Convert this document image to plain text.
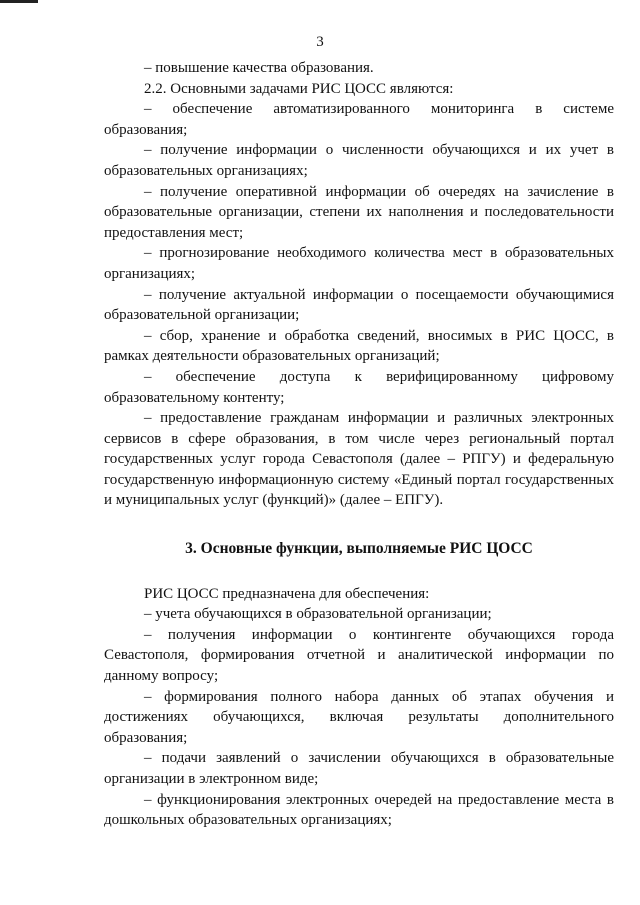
3

– повышение качества образования.

2.2. Основными задачами РИС ЦОСС являются:

– обеспечение автоматизированного мониторинга в системе образования;

– получение информации о численности обучающихся и их учет в образовательных организациях;

– получение оперативной информации об очередях на зачисление в образовательные организации, степени их наполнения и последовательности предоставления мест;

– прогнозирование необходимого количества мест в образовательных организациях;

– получение актуальной информации о посещаемости обучающимися образовательной организации;

– сбор, хранение и обработка сведений, вносимых в РИС ЦОСС, в рамках деятельности образовательных организаций;

– обеспечение доступа к верифицированному цифровому образовательному контенту;

– предоставление гражданам информации и различных электронных сервисов в сфере образования, в том числе через региональный портал государственных услуг города Севастополя (далее – РПГУ) и федеральную государственную информационную систему «Единый портал государственных и муниципальных услуг (функций)» (далее – ЕПГУ).

3. Основные функции, выполняемые РИС ЦОСС

РИС ЦОСС предназначена для обеспечения:

– учета обучающихся в образовательной организации;

– получения информации о контингенте обучающихся города Севастополя, формирования отчетной и аналитической информации по данному вопросу;

– формирования полного набора данных об этапах обучения и достижениях обучающихся, включая результаты дополнительного образования;

– подачи заявлений о зачислении обучающихся в образовательные организации в электронном виде;

– функционирования электронных очередей на предоставление места в дошкольных образовательных организациях;
